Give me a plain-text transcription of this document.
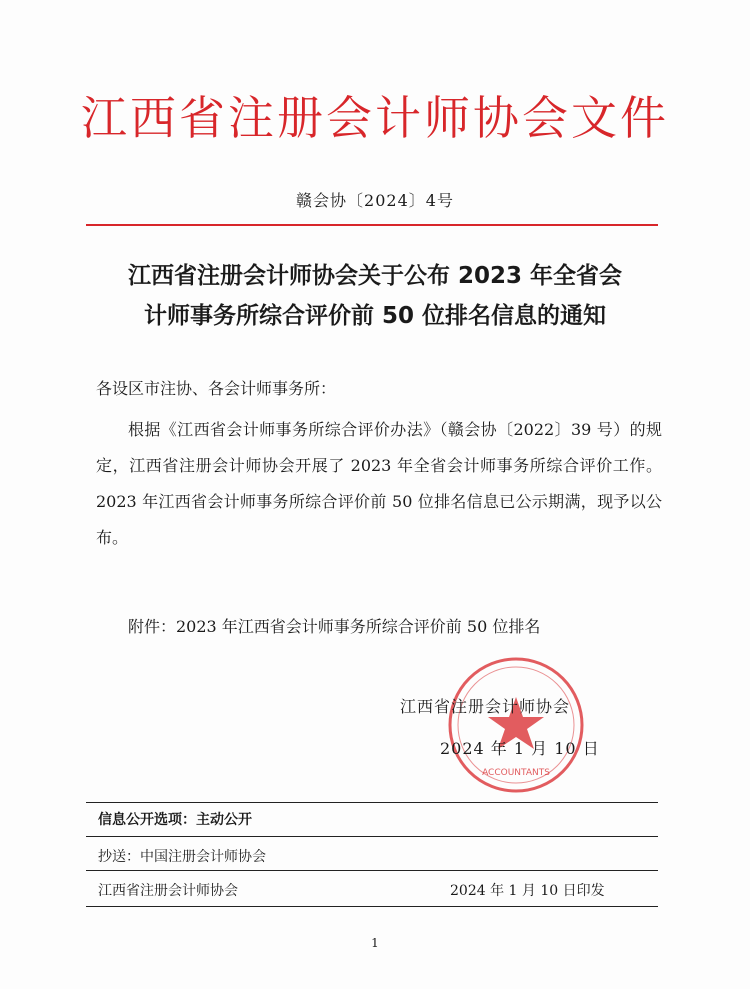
江西省注册会计师协会文件
赣会协〔2024〕4号
江西省注册会计师协会关于公布 2023 年全省会
计师事务所综合评价前 50 位排名信息的通知
各设区市注协、各会计师事务所：
根据《江西省会计师事务所综合评价办法》（赣会协〔2022〕39 号）的规定，江西省注册会计师协会开展了 2023 年全省会计师事务所综合评价工作。2023 年江西省会计师事务所综合评价前 50 位排名信息已公示期满，现予以公布。
附件：2023 年江西省会计师事务所综合评价前 50 位排名
ACCOUNTANTS
江西省注册会计师协会
2024 年 1 月 10 日
信息公开选项：主动公开
抄送：中国注册会计师协会
江西省注册会计师协会	2024 年 1 月 10 日印发
1
